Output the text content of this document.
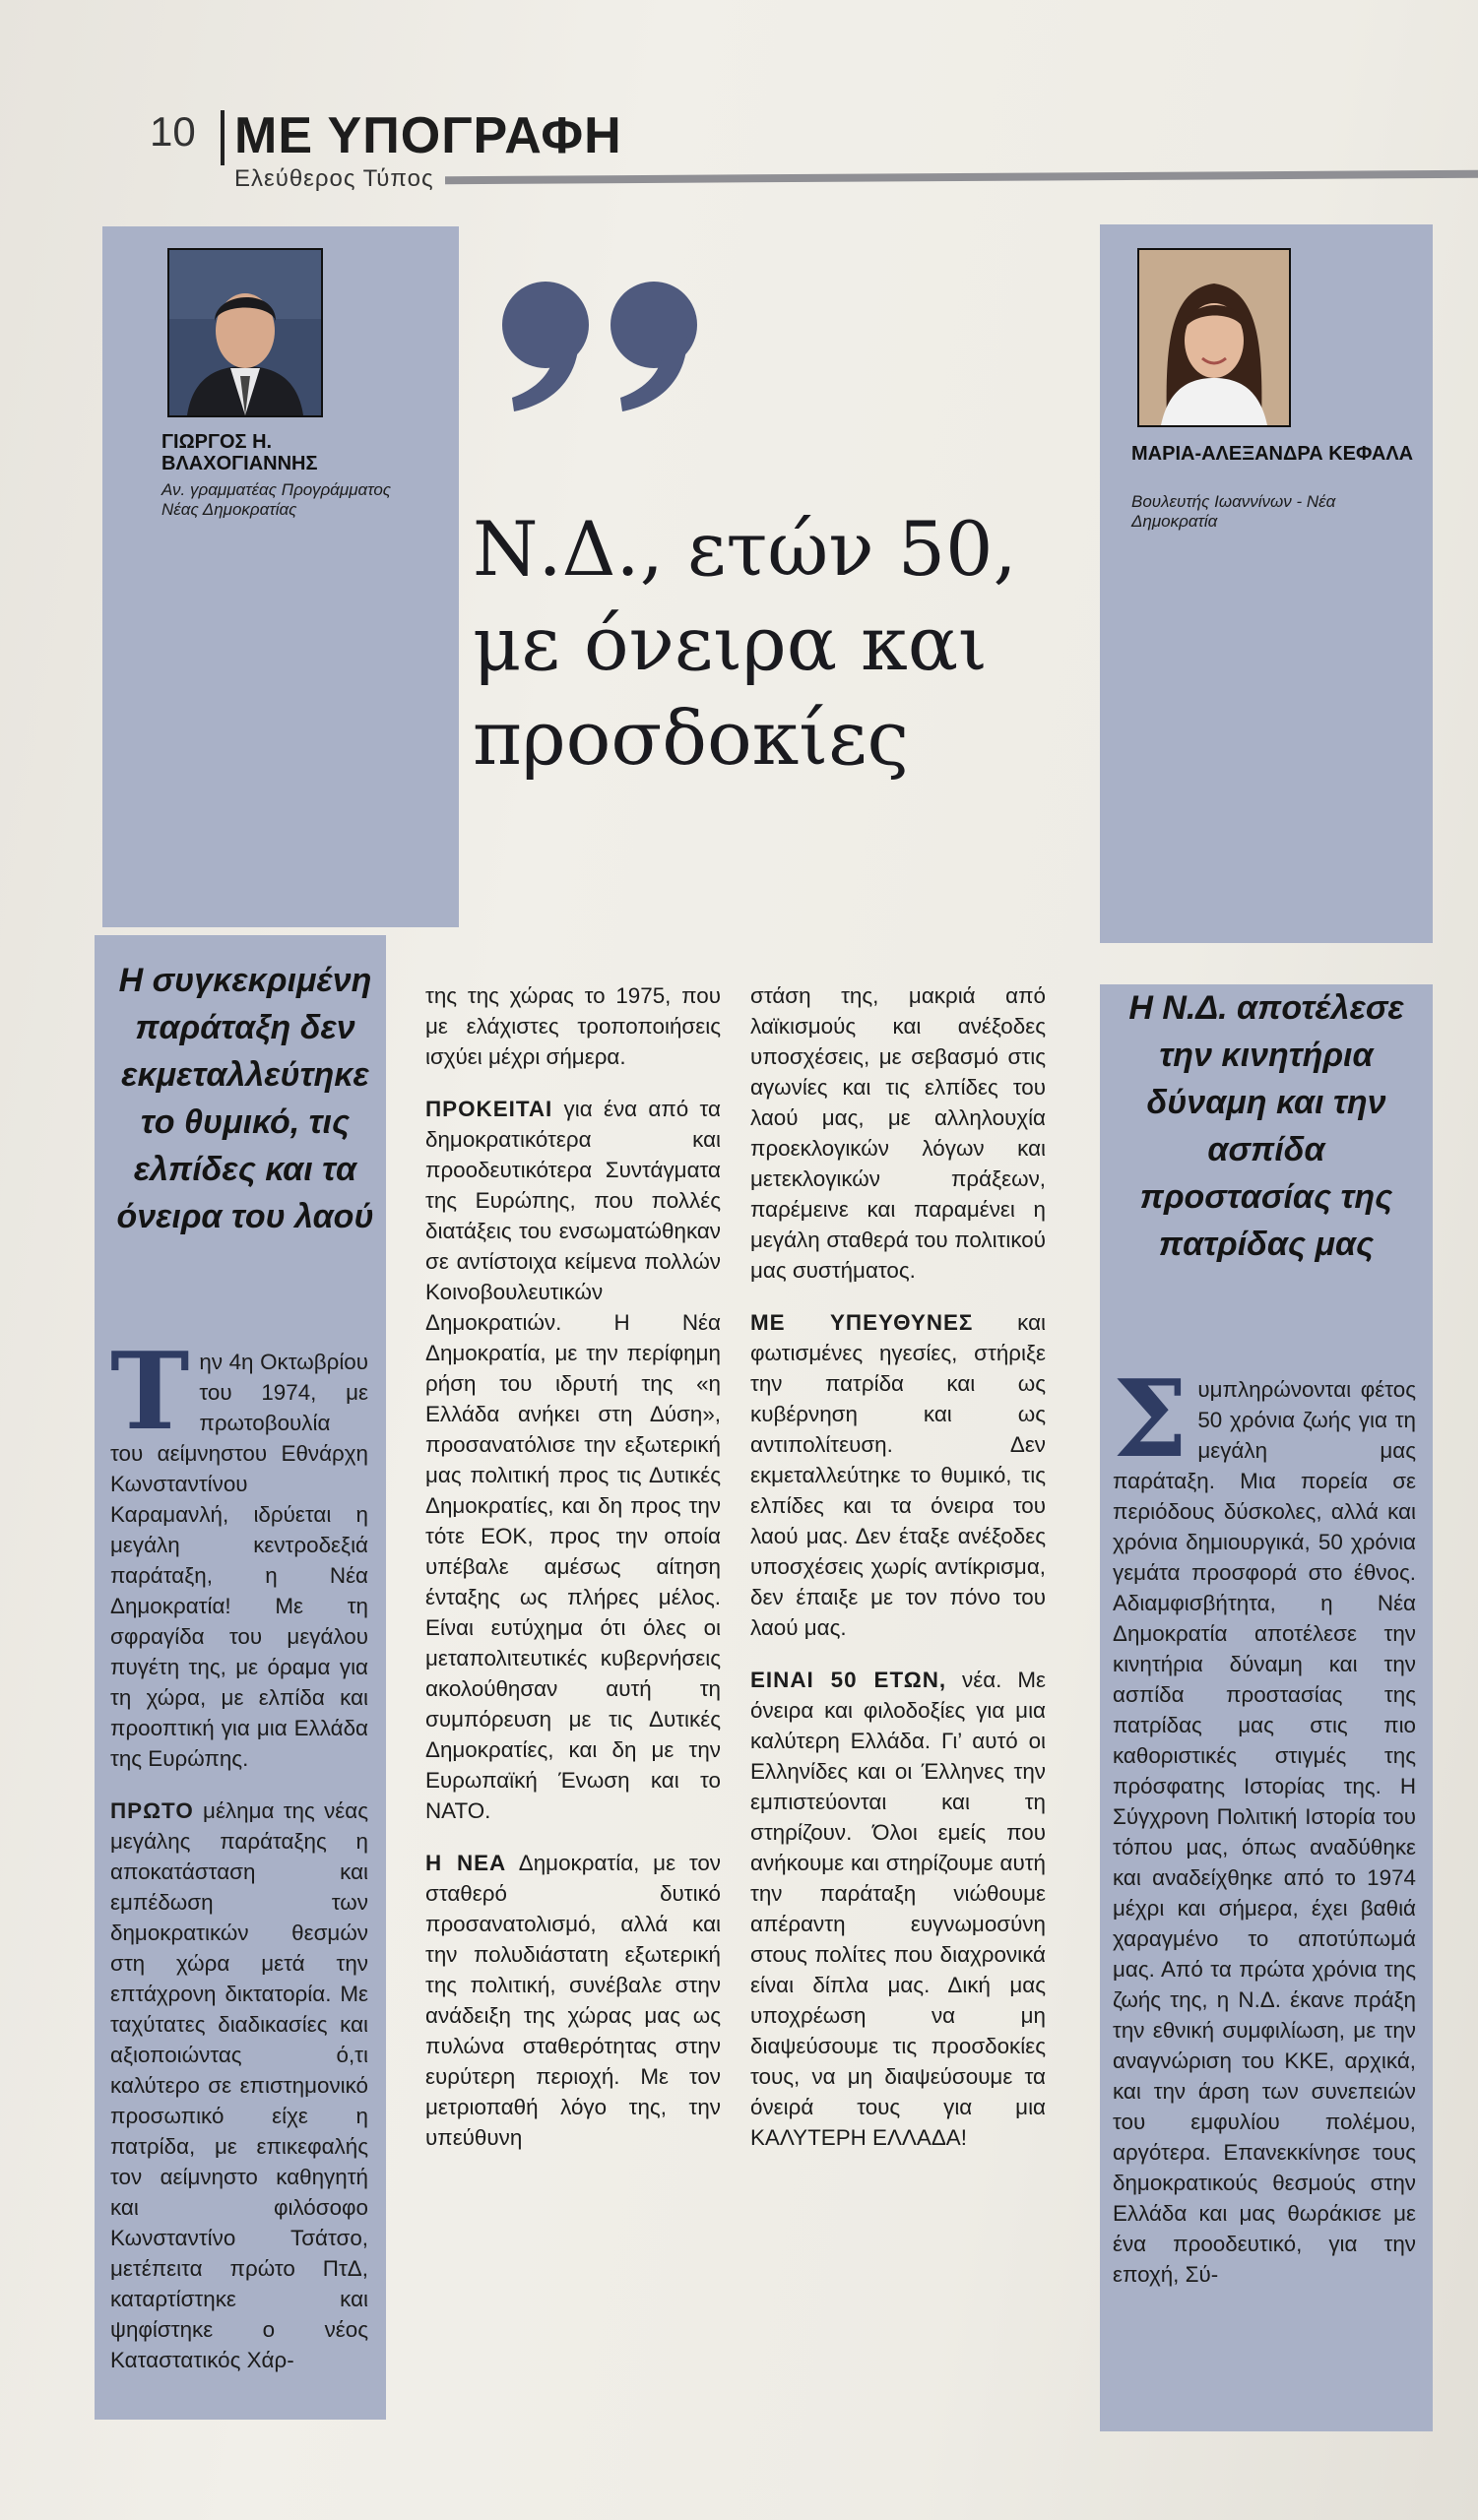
10 ΜΕ ΥΠΟΓΡΑΦΗ
Ελεύθερος Τύπος
ΓΙΩΡΓΟΣ Η. ΒΛΑΧΟΓΙΑΝΝΗΣ
Αν. γραμματέας Προγράμματος Νέας Δημοκρατίας
ΜΑΡΙΑ-ΑΛΕΞΑΝΔΡΑ ΚΕΦΑΛΑ
Βουλευτής Ιωαννίνων - Νέα Δημοκρατία
Ν.Δ., ετών 50, με όνειρα και προσδοκίες

Η συγκεκριμένη παράταξη δεν εκμεταλλεύτηκε το θυμικό, τις ελπίδες και τα όνειρα του λαού

Η Ν.Δ. αποτέλεσε την κινητήρια δύναμη και την ασπίδα προστασίας της πατρίδας μας

Την 4η Οκτωβρίου του 1974, με πρωτοβουλία του αείμνηστου Εθνάρχη Κωνσταντίνου Καραμανλή, ιδρύεται η μεγάλη κεντροδεξιά παράταξη, η Νέα Δημοκρατία! Με τη σφραγίδα του μεγάλου πυγέτη της, με όραμα για τη χώρα, με ελπίδα και προοπτική για μια Ελλάδα της Ευρώπης.

ΠΡΩΤΟ μέλημα της νέας μεγάλης παράταξης η αποκατάσταση και εμπέδωση των δημοκρατικών θεσμών στη χώρα μετά την επτάχρονη δικτατορία. Με ταχύτατες διαδικασίες και αξιοποιώντας ό,τι καλύτερο σε επιστημονικό προσωπικό είχε η πατρίδα, με επικεφαλής τον αείμνηστο καθηγητή και φιλόσοφο Κωνσταντίνο Τσάτσο, μετέπειτα πρώτο ΠτΔ, καταρτίστηκε και ψηφίστηκε ο νέος Καταστατικός Χάρ-

της της χώρας το 1975, που με ελάχιστες τροποποιήσεις ισχύει μέχρι σήμερα.

ΠΡΟΚΕΙΤΑΙ για ένα από τα δημοκρατικότερα και προοδευτικότερα Συντάγματα της Ευρώπης, που πολλές διατάξεις του ενσωματώθηκαν σε αντίστοιχα κείμενα πολλών Κοινοβουλευτικών Δημοκρατιών. Η Νέα Δημοκρατία, με την περίφημη ρήση του ιδρυτή της «η Ελλάδα ανήκει στη Δύση», προσανατόλισε την εξωτερική μας πολιτική προς τις Δυτικές Δημοκρατίες, και δη προς την τότε ΕΟΚ, προς την οποία υπέβαλε αμέσως αίτηση ένταξης ως πλήρες μέλος. Είναι ευτύχημα ότι όλες οι μεταπολιτευτικές κυβερνήσεις ακολούθησαν αυτή τη συμπόρευση με τις Δυτικές Δημοκρατίες, και δη με την Ευρωπαϊκή Ένωση και το ΝΑΤΟ.

Η ΝΕΑ Δημοκρατία, με τον σταθερό δυτικό προσανατολισμό, αλλά και την πολυδιάστατη εξωτερική της πολιτική, συνέβαλε στην ανάδειξη της χώρας μας ως πυλώνα σταθερότητας στην ευρύτερη περιοχή. Με τον μετριοπαθή λόγο της, την υπεύθυνη

στάση της, μακριά από λαϊκισμούς και ανέξοδες υποσχέσεις, με σεβασμό στις αγωνίες και τις ελπίδες του λαού μας, με αλληλουχία προεκλογικών λόγων και μετεκλογικών πράξεων, παρέμεινε και παραμένει η μεγάλη σταθερά του πολιτικού μας συστήματος.

ΜΕ ΥΠΕΥΘΥΝΕΣ και φωτισμένες ηγεσίες, στήριξε την πατρίδα και ως κυβέρνηση και ως αντιπολίτευση. Δεν εκμεταλλεύτηκε το θυμικό, τις ελπίδες και τα όνειρα του λαού μας. Δεν έταξε ανέξοδες υποσχέσεις χωρίς αντίκρισμα, δεν έπαιξε με τον πόνο του λαού μας.

ΕΙΝΑΙ 50 ΕΤΩΝ, νέα. Με όνειρα και φιλοδοξίες για μια καλύτερη Ελλάδα. Γι’ αυτό οι Ελληνίδες και οι Έλληνες την εμπιστεύονται και τη στηρίζουν. Όλοι εμείς που ανήκουμε και στηρίζουμε αυτή την παράταξη νιώθουμε απέραντη ευγνωμοσύνη στους πολίτες που διαχρονικά είναι δίπλα μας. Δική μας υποχρέωση να μη διαψεύσουμε τις προσδοκίες τους, να μη διαψεύσουμε τα όνειρά τους για μια ΚΑΛΥΤΕΡΗ ΕΛΛΑΔΑ!

Συμπληρώνονται φέτος 50 χρόνια ζωής για τη μεγάλη μας παράταξη. Μια πορεία σε περιόδους δύσκολες, αλλά και χρόνια δημιουργικά, 50 χρόνια γεμάτα προσφορά στο έθνος. Αδιαμφισβήτητα, η Νέα Δημοκρατία αποτέλεσε την κινητήρια δύναμη και την ασπίδα προστασίας της πατρίδας μας στις πιο καθοριστικές στιγμές της πρόσφατης Ιστορίας της. Η Σύγχρονη Πολιτική Ιστορία του τόπου μας, όπως αναδύθηκε και αναδείχθηκε από το 1974 μέχρι και σήμερα, έχει βαθιά χαραγμένο το αποτύπωμά μας. Από τα πρώτα χρόνια της ζωής της, η Ν.Δ. έκανε πράξη την εθνική συμφιλίωση, με την αναγνώριση του ΚΚΕ, αρχικά, και την άρση των συνεπειών του εμφυλίου πολέμου, αργότερα. Επανεκκίνησε τους δημοκρατικούς θεσμούς στην Ελλάδα και μας θωράκισε με ένα προοδευτικό, για την εποχή, Σύ-
